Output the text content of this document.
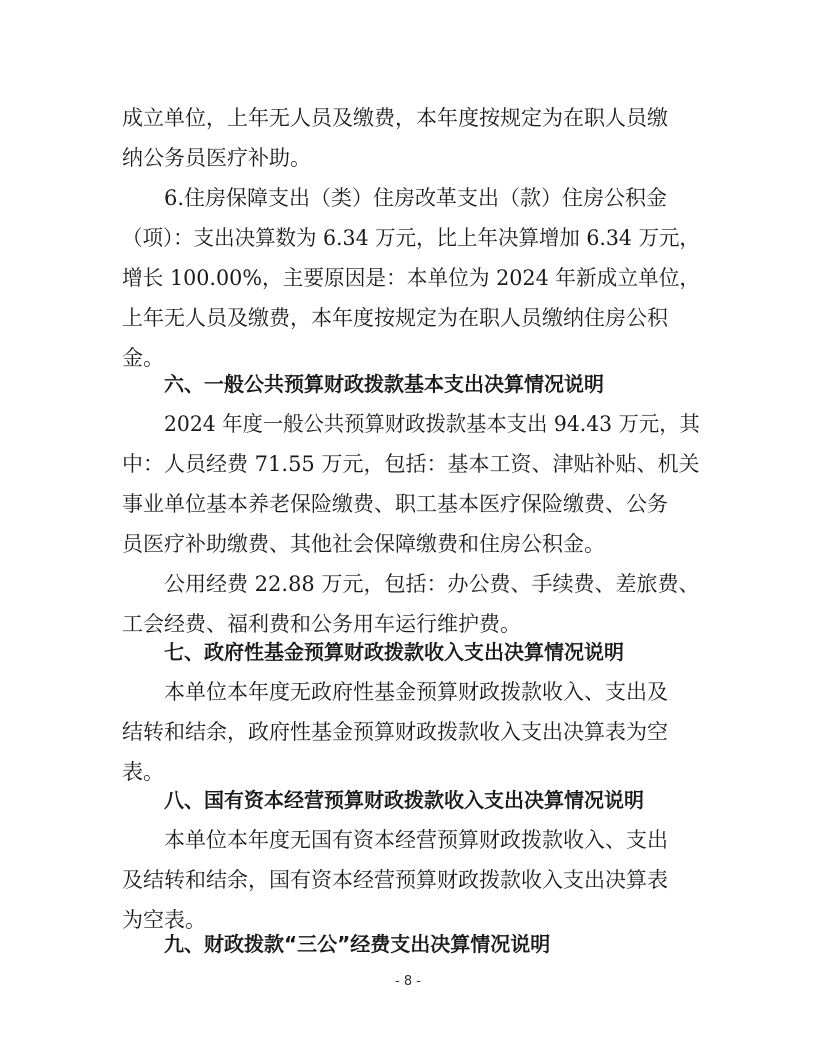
成立单位，上年无人员及缴费，本年度按规定为在职人员缴
纳公务员医疗补助。
6.住房保障支出（类）住房改革支出（款）住房公积金
（项）：支出决算数为 6.34 万元，比上年决算增加 6.34 万元，
增长 100.00%，主要原因是：本单位为 2024 年新成立单位，
上年无人员及缴费，本年度按规定为在职人员缴纳住房公积
金。
六、一般公共预算财政拨款基本支出决算情况说明
2024 年度一般公共预算财政拨款基本支出 94.43 万元，其
中：人员经费 71.55 万元，包括：基本工资、津贴补贴、机关
事业单位基本养老保险缴费、职工基本医疗保险缴费、公务
员医疗补助缴费、其他社会保障缴费和住房公积金。
公用经费 22.88 万元，包括：办公费、手续费、差旅费、
工会经费、福利费和公务用车运行维护费。
七、政府性基金预算财政拨款收入支出决算情况说明
本单位本年度无政府性基金预算财政拨款收入、支出及
结转和结余，政府性基金预算财政拨款收入支出决算表为空
表。
八、国有资本经营预算财政拨款收入支出决算情况说明
本单位本年度无国有资本经营预算财政拨款收入、支出
及结转和结余，国有资本经营预算财政拨款收入支出决算表
为空表。
九、财政拨款“三公”经费支出决算情况说明
- 8 -
